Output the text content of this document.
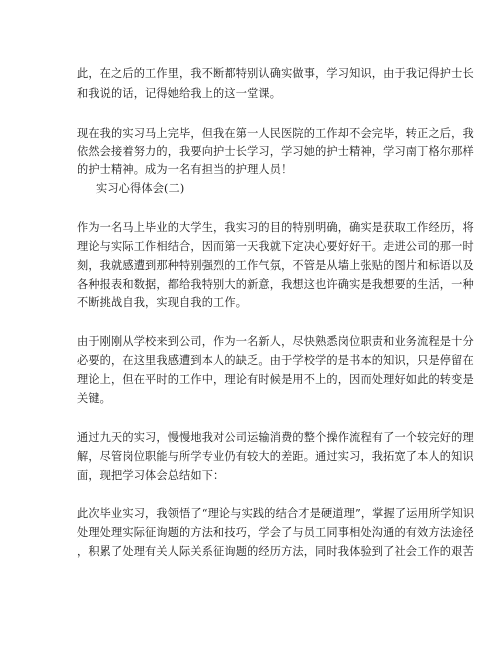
此，在之后的工作里，我不断都特别认确实做事，学习知识，由于我记得护士长
和我说的话，记得她给我上的这一堂课。
现在我的实习马上完毕，但我在第一人民医院的工作却不会完毕，转正之后，我
依然会接着努力的，我要向护士长学习，学习她的护士精神，学习南丁格尔那样
的护士精神。成为一名有担当的护理人员！
实习心得体会(二)
作为一名马上毕业的大学生，我实习的目的特别明确，确实是获取工作经历，将
理论与实际工作相结合，因而第一天我就下定决心要好好干。走进公司的那一时
刻，我就感遭到那种特别强烈的工作气氛，不管是从墙上张贴的图片和标语以及
各种报表和数据，都给我特别大的新意，我想这也许确实是我想要的生活，一种
不断挑战自我，实现自我的工作。
由于刚刚从学校来到公司，作为一名新人，尽快熟悉岗位职责和业务流程是十分
必要的，在这里我感遭到本人的缺乏。由于学校学的是书本的知识，只是停留在
理论上，但在平时的工作中，理论有时候是用不上的，因而处理好如此的转变是
关键。
通过九天的实习，慢慢地我对公司运输消费的整个操作流程有了一个较完好的理
解，尽管岗位职能与所学专业仍有较大的差距。通过实习，我拓宽了本人的知识
面，现把学习体会总结如下：
此次毕业实习，我领悟了“理论与实践的结合才是硬道理”，掌握了运用所学知识
处理处理实际征询题的方法和技巧，学会了与员工同事相处沟通的有效方法途径
，积累了处理有关人际关系征询题的经历方法，同时我体验到了社会工作的艰苦
